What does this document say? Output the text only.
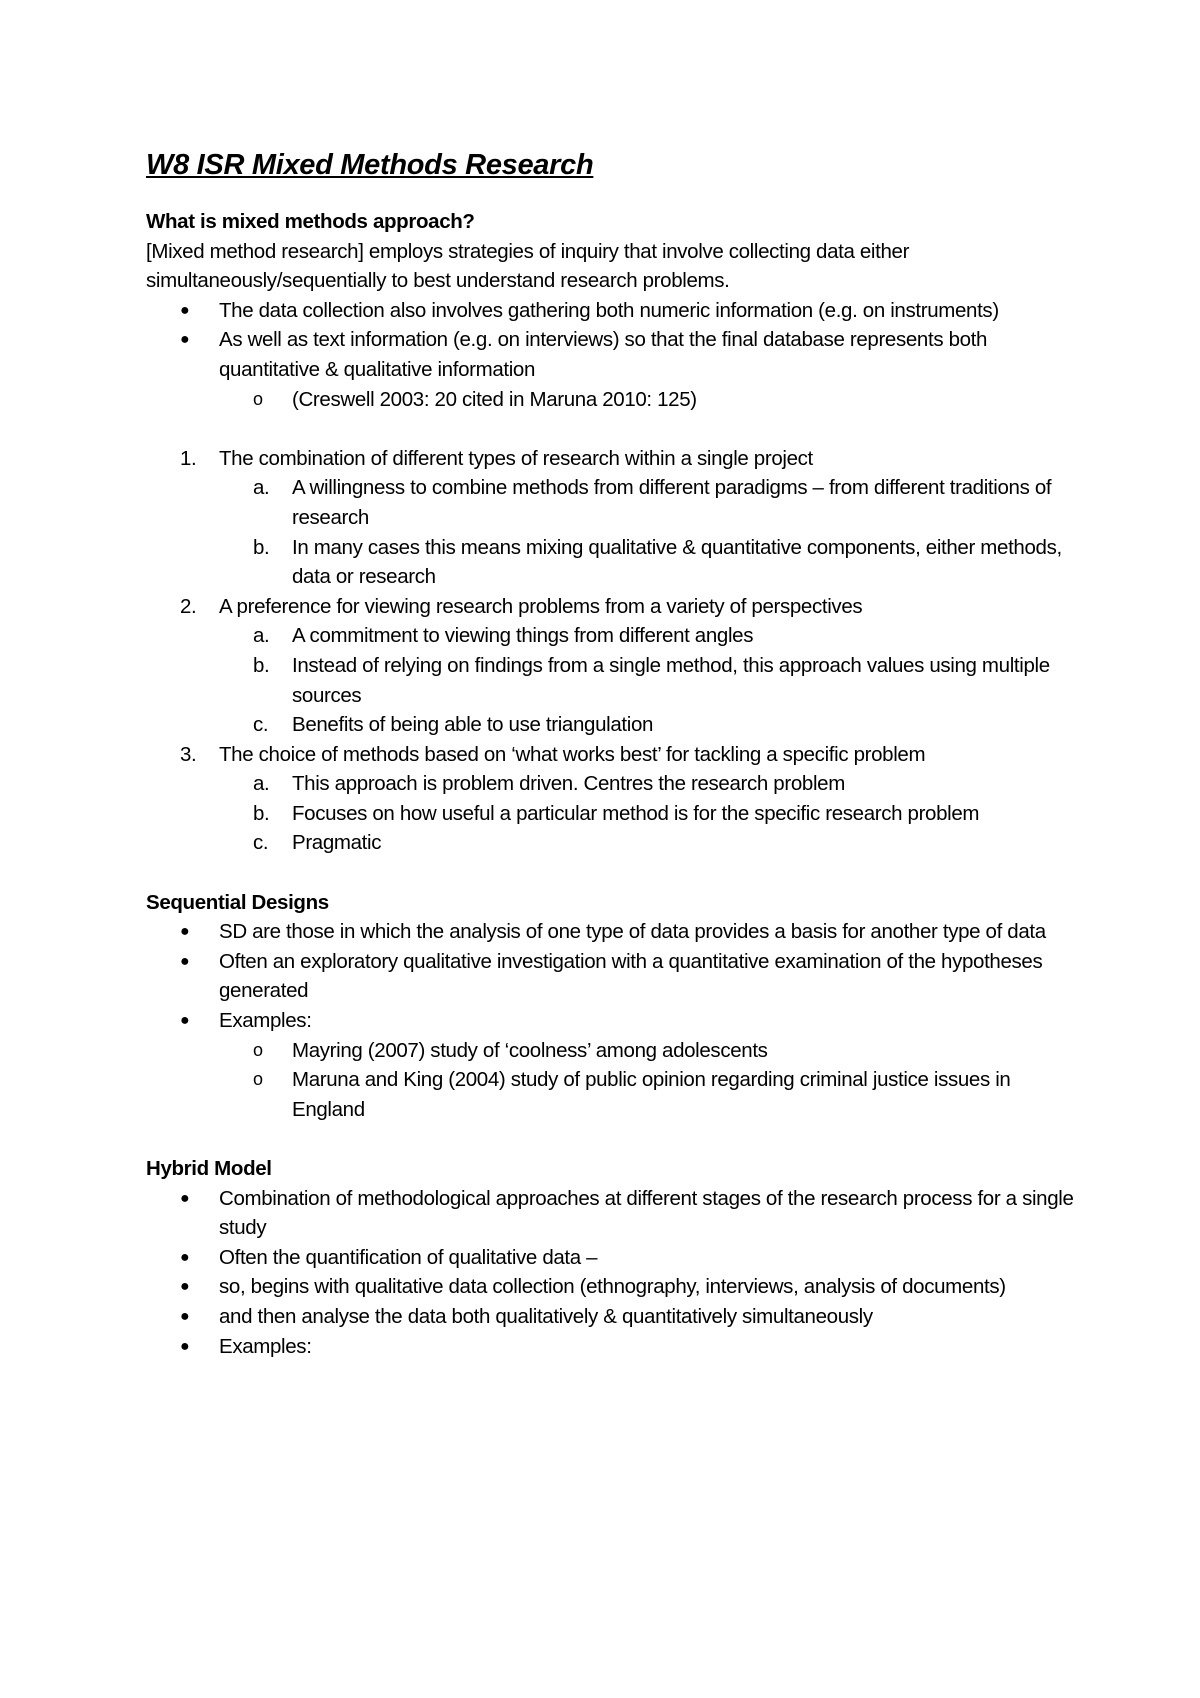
W8 ISR Mixed Methods Research

What is mixed methods approach?

[Mixed method research] employs strategies of inquiry that involve collecting data either simultaneously/sequentially to best understand research problems.

● The data collection also involves gathering both numeric information (e.g. on instruments)
● As well as text information (e.g. on interviews) so that the final database represents both quantitative & qualitative information
o (Creswell 2003: 20 cited in Maruna 2010: 125)
1. The combination of different types of research within a single project
a. A willingness to combine methods from different paradigms – from different traditions of research
b. In many cases this means mixing qualitative & quantitative components, either methods, data or research
2. A preference for viewing research problems from a variety of perspectives
a. A commitment to viewing things from different angles
b. Instead of relying on findings from a single method, this approach values using multiple sources
c. Benefits of being able to use triangulation
3. The choice of methods based on ‘what works best’ for tackling a specific problem
a. This approach is problem driven. Centres the research problem
b. Focuses on how useful a particular method is for the specific research problem
c. Pragmatic

Sequential Designs

● SD are those in which the analysis of one type of data provides a basis for another type of data
● Often an exploratory qualitative investigation with a quantitative examination of the hypotheses generated
● Examples:
o Mayring (2007) study of ‘coolness’ among adolescents
o Maruna and King (2004) study of public opinion regarding criminal justice issues in England

Hybrid Model

● Combination of methodological approaches at different stages of the research process for a single study
● Often the quantification of qualitative data –
● so, begins with qualitative data collection (ethnography, interviews, analysis of documents)
● and then analyse the data both qualitatively & quantitatively simultaneously
● Examples:
